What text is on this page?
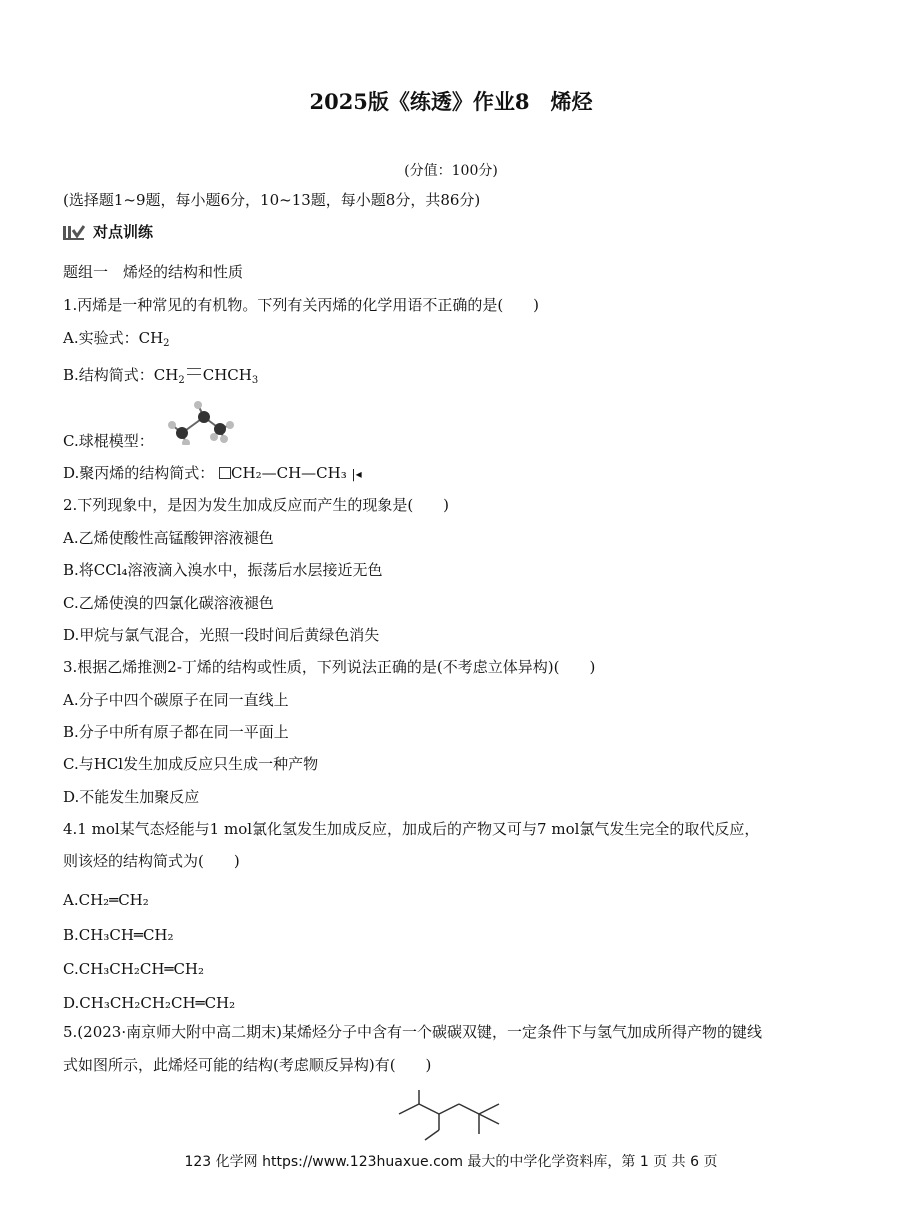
2025版《练透》作业8　烯烃
(分值：100分)
(选择题1~9题，每小题6分，10~13题，每小题8分，共86分)
对点训练
题组一　烯烃的结构和性质
1.丙烯是一种常见的有机物。下列有关丙烯的化学用语不正确的是(　　)
A.实验式：$CH_2$
B.结构简式：$CH_2$ $CHCH_3$
C.球棍模型：
D.聚丙烯的结构简式： CH₂—CH—CH₃ |◂
2.下列现象中，是因为发生加成反应而产生的现象是(　　)
A.乙烯使酸性高锰酸钾溶液褪色
B.将CCl₄溶液滴入溴水中，振荡后水层接近无色
C.乙烯使溴的四氯化碳溶液褪色
D.甲烷与氯气混合，光照一段时间后黄绿色消失
3.根据乙烯推测2-丁烯的结构或性质，下列说法正确的是(不考虑立体异构)(　　)
A.分子中四个碳原子在同一直线上
B.分子中所有原子都在同一平面上
C.与HCl发生加成反应只生成一种产物
D.不能发生加聚反应
4.1 mol某气态烃能与1 mol氯化氢发生加成反应，加成后的产物又可与7 mol氯气发生完全的取代反应，
则该烃的结构简式为(　　)
A.CH₂═CH₂
B.CH₃CH═CH₂
C.CH₃CH₂CH═CH₂
D.CH₃CH₂CH₂CH═CH₂
5.(2023·南京师大附中高二期末)某烯烃分子中含有一个碳碳双键，一定条件下与氢气加成所得产物的键线
式如图所示，此烯烃可能的结构(考虑顺反异构)有(　　)
123 化学网 https://www.123huaxue.com 最大的中学化学资料库，第 1 页 共 6 页
